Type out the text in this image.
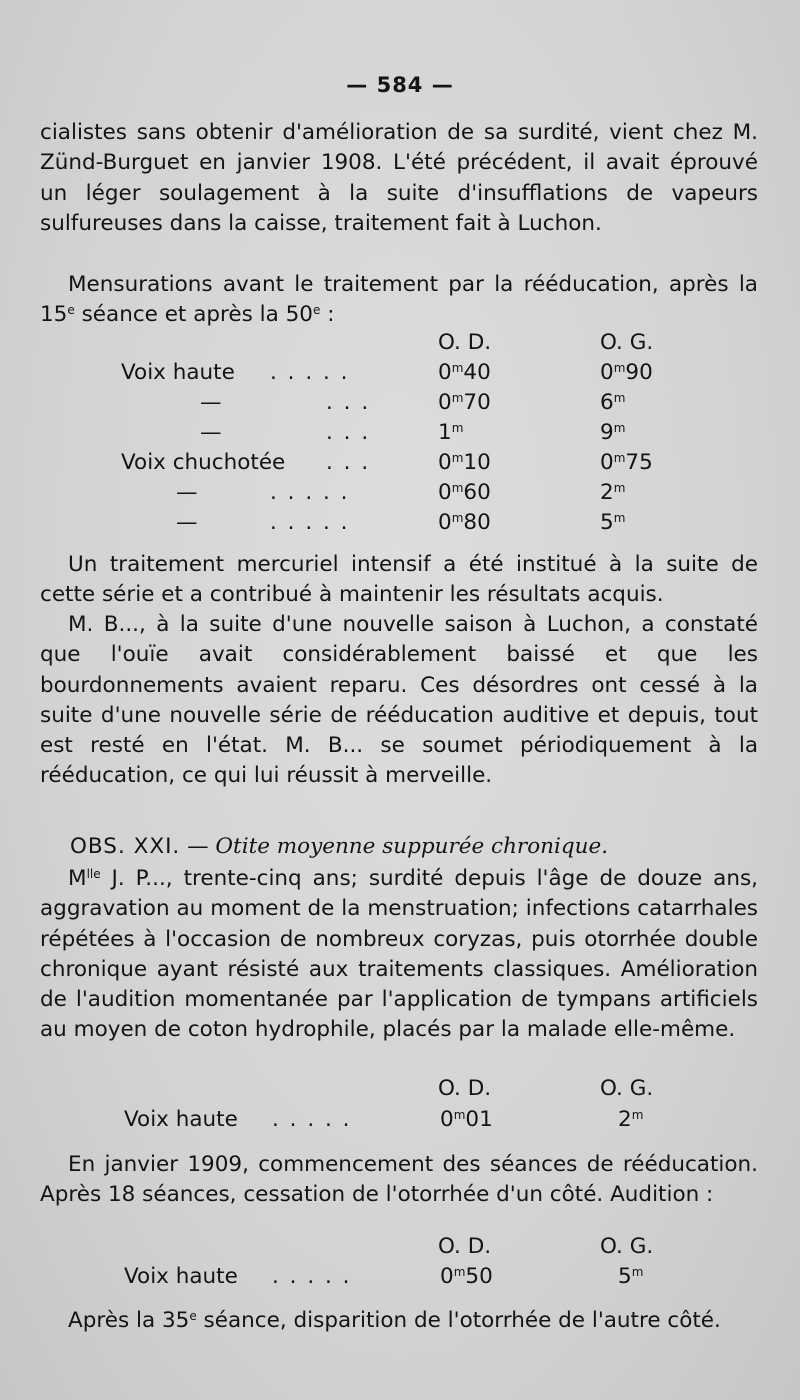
— 584 —
cialistes sans obtenir d'amélioration de sa surdité, vient chez M. Zünd-Burguet en janvier 1908. L'été précédent, il avait éprouvé un léger soulagement à la suite d'insufflations de vapeurs sulfureuses dans la caisse, traitement fait à Luchon.
Mensurations avant le traitement par la rééducation, après la 15e séance et après la 50e :
O. D.	O. G.
Voix haute . . . . .	0$^m$40	0$^m$90
—	. . .	0$^m$70	6$^m$
—	. . .	1$^m$	9$^m$
Voix chuchotée . . .	0$^m$10	0$^m$75
—	. . . . .	0$^m$60	2$^m$
—	. . . . .	0$^m$80	5$^m$
Un traitement mercuriel intensif a été institué à la suite de cette série et a contribué à maintenir les résultats acquis.
M. B..., à la suite d'une nouvelle saison à Luchon, a constaté que l'ouïe avait considérablement baissé et que les bourdonnements avaient reparu. Ces désordres ont cessé à la suite d'une nouvelle série de rééducation auditive et depuis, tout est resté en l'état. M. B... se soumet périodiquement à la rééducation, ce qui lui réussit à merveille.
OBS. XXI. — Otite moyenne suppurée chronique.
$M^{lle}$ J. P..., trente-cinq ans; surdité depuis l'âge de douze ans, aggravation au moment de la menstruation; infections catarrhales répétées à l'occasion de nombreux coryzas, puis otorrhée double chronique ayant résisté aux traitements classiques. Amélioration de l'audition momentanée par l'application de tympans artificiels au moyen de coton hydrophile, placés par la malade elle-même.
O. D.	O. G.
Voix haute . . . . .	0$^m$01	2$^m$
En janvier 1909, commencement des séances de rééducation. Après 18 séances, cessation de l'otorrhée d'un côté. Audition :
O. D.	O. G.
Voix haute . . . . .	0$^m$50	5$^m$
Après la 35e séance, disparition de l'otorrhée de l'autre côté.
